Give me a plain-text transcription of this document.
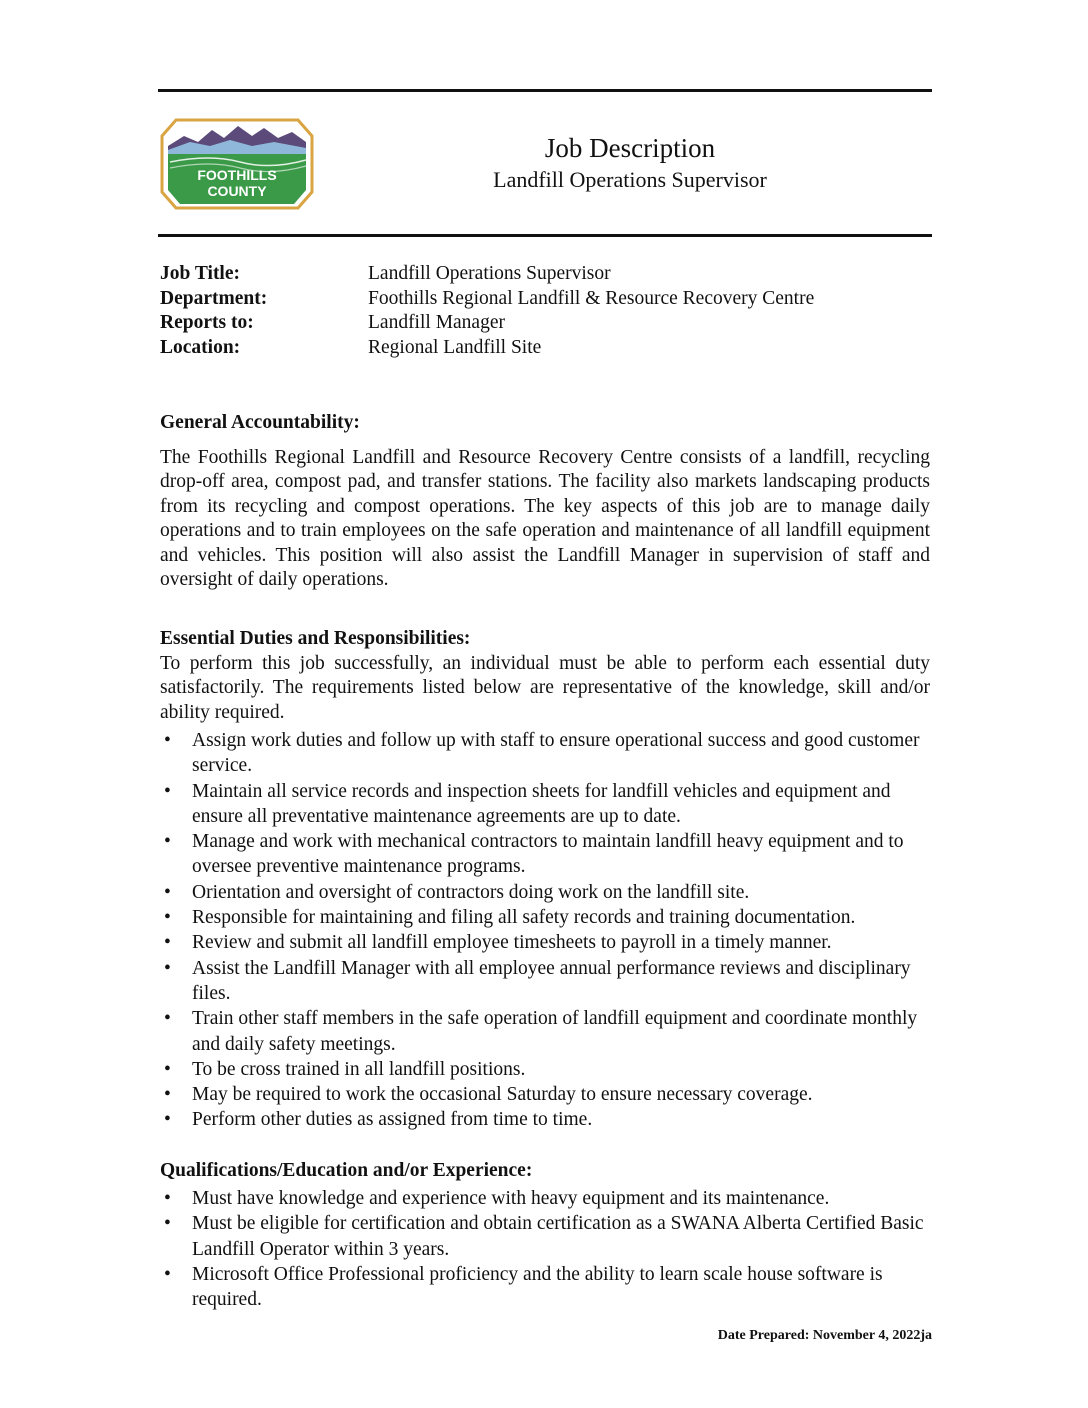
FOOTHILLS
COUNTY
Job Description
Landfill Operations Supervisor
Job Title:	Landfill Operations Supervisor
Department:	Foothills Regional Landfill & Resource Recovery Centre
Reports to:	Landfill Manager
Location:	Regional Landfill Site
General Accountability:
The Foothills Regional Landfill and Resource Recovery Centre consists of a landfill, recycling drop-off area, compost pad, and transfer stations. The facility also markets landscaping products from its recycling and compost operations. The key aspects of this job are to manage daily operations and to train employees on the safe operation and maintenance of all landfill equipment and vehicles. This position will also assist the Landfill Manager in supervision of staff and oversight of daily operations.
Essential Duties and Responsibilities:
To perform this job successfully, an individual must be able to perform each essential duty satisfactorily. The requirements listed below are representative of the knowledge, skill and/or ability required.
• Assign work duties and follow up with staff to ensure operational success and good customer service.
• Maintain all service records and inspection sheets for landfill vehicles and equipment and ensure all preventative maintenance agreements are up to date.
• Manage and work with mechanical contractors to maintain landfill heavy equipment and to oversee preventive maintenance programs.
• Orientation and oversight of contractors doing work on the landfill site.
• Responsible for maintaining and filing all safety records and training documentation.
• Review and submit all landfill employee timesheets to payroll in a timely manner.
• Assist the Landfill Manager with all employee annual performance reviews and disciplinary files.
• Train other staff members in the safe operation of landfill equipment and coordinate monthly and daily safety meetings.
• To be cross trained in all landfill positions.
• May be required to work the occasional Saturday to ensure necessary coverage.
• Perform other duties as assigned from time to time.
Qualifications/Education and/or Experience:
• Must have knowledge and experience with heavy equipment and its maintenance.
• Must be eligible for certification and obtain certification as a SWANA Alberta Certified Basic Landfill Operator within 3 years.
• Microsoft Office Professional proficiency and the ability to learn scale house software is required.
Date Prepared: November 4, 2022ja
